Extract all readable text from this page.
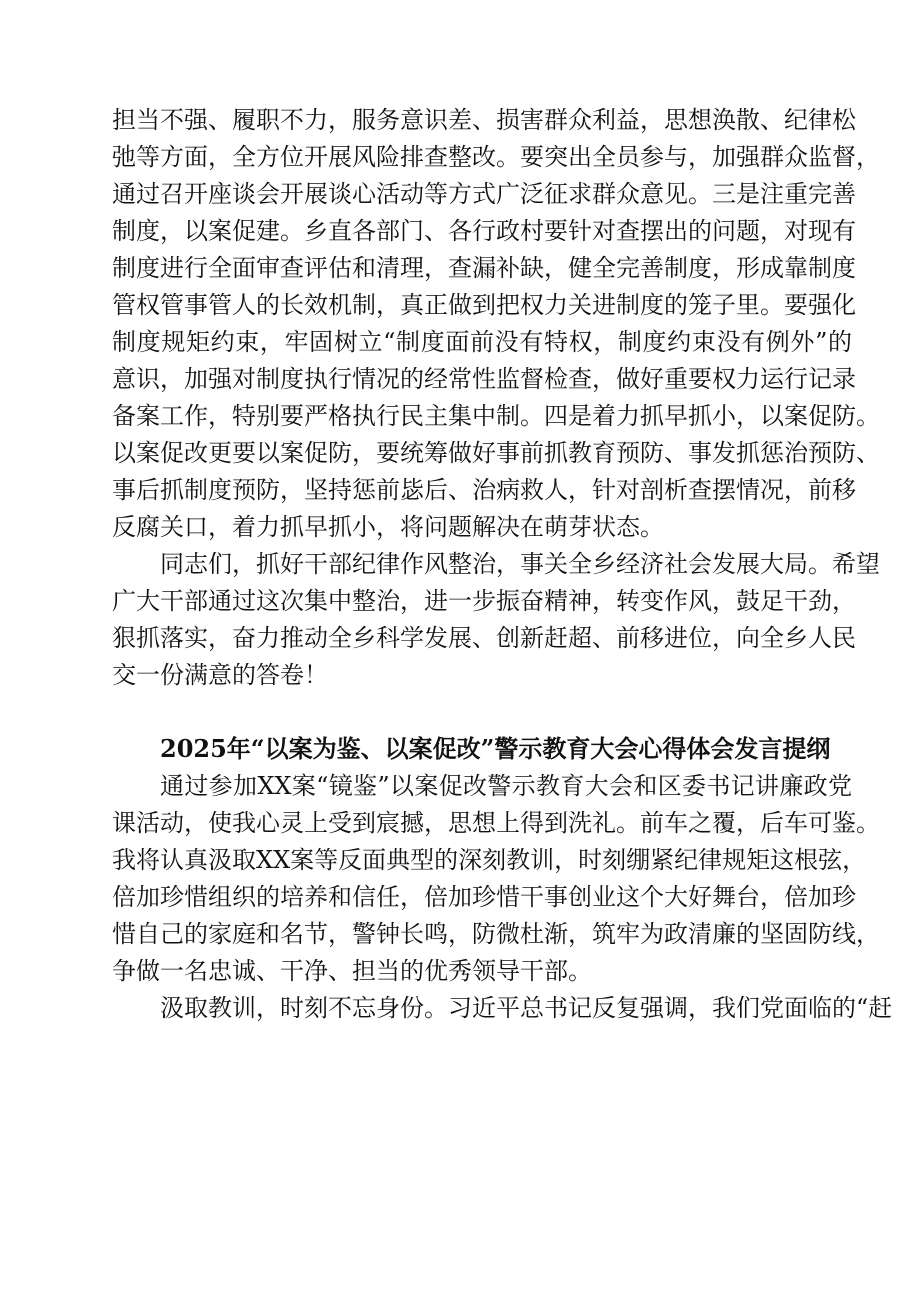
担当不强、履职不力，服务意识差、损害群众利益，思想涣散、纪律松

弛等方面，全方位开展风险排查整改。要突出全员参与，加强群众监督，

通过召开座谈会开展谈心活动等方式广泛征求群众意见。三是注重完善

制度，以案促建。乡直各部门、各行政村要针对查摆出的问题，对现有

制度进行全面审查评估和清理，查漏补缺，健全完善制度，形成靠制度

管权管事管人的长效机制，真正做到把权力关进制度的笼子里。要强化

制度规矩约束，牢固树立“制度面前没有特权，制度约束没有例外”的

意识，加强对制度执行情况的经常性监督检查，做好重要权力运行记录

备案工作，特别要严格执行民主集中制。四是着力抓早抓小，以案促防。

以案促改更要以案促防，要统筹做好事前抓教育预防、事发抓惩治预防、

事后抓制度预防，坚持惩前毖后、治病救人，针对剖析查摆情况，前移

反腐关口，着力抓早抓小，将问题解决在萌芽状态。

同志们，抓好干部纪律作风整治，事关全乡经济社会发展大局。希望

广大干部通过这次集中整治，进一步振奋精神，转变作风，鼓足干劲，

狠抓落实，奋力推动全乡科学发展、创新赶超、前移进位，向全乡人民

交一份满意的答卷！

2025年“以案为鉴、以案促改”警示教育大会心得体会发言提纲

通过参加XX案“镜鉴”以案促改警示教育大会和区委书记讲廉政党

课活动，使我心灵上受到宸撼，思想上得到洗礼。前车之覆，后车可鉴。

我将认真汲取XX案等反面典型的深刻教训，时刻绷紧纪律规矩这根弦，

倍加珍惜组织的培养和信任，倍加珍惜干事创业这个大好舞台，倍加珍

惜自己的家庭和名节，警钟长鸣，防微杜渐，筑牢为政清廉的坚固防线，

争做一名忠诚、干净、担当的优秀领导干部。

汲取教训，时刻不忘身份。习近平总书记反复强调，我们党面临的“赶
